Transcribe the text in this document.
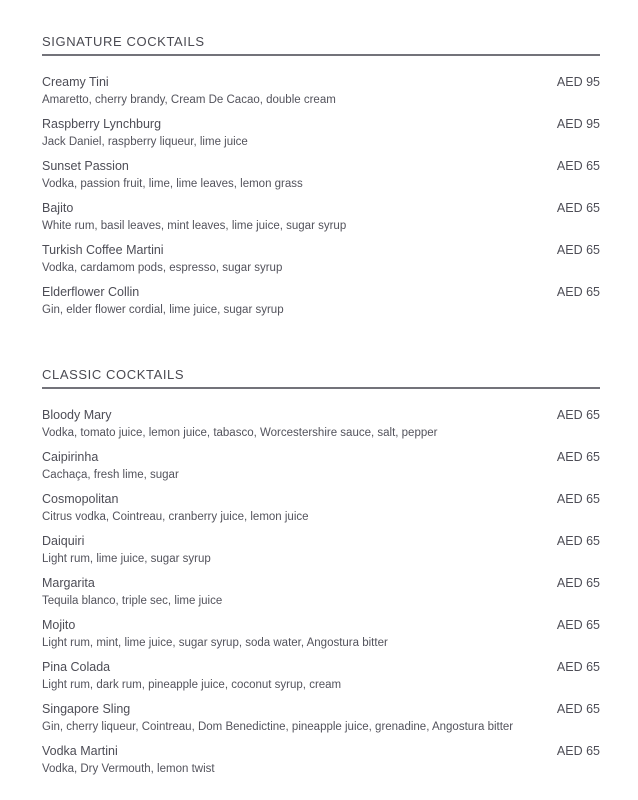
SIGNATURE COCKTAILS
Creamy Tini	AED 95
Amaretto, cherry brandy, Cream De Cacao, double cream
Raspberry Lynchburg	AED 95
Jack Daniel, raspberry liqueur, lime juice
Sunset Passion	AED 65
Vodka, passion fruit, lime, lime leaves, lemon grass
Bajito	AED 65
White rum, basil leaves, mint leaves, lime juice, sugar syrup
Turkish Coffee Martini	AED 65
Vodka, cardamom pods, espresso, sugar syrup
Elderflower Collin	AED 65
Gin, elder flower cordial, lime juice, sugar syrup
CLASSIC COCKTAILS
Bloody Mary	AED 65
Vodka, tomato juice, lemon juice, tabasco, Worcestershire sauce, salt, pepper
Caipirinha	AED 65
Cachaça, fresh lime, sugar
Cosmopolitan	AED 65
Citrus vodka, Cointreau, cranberry juice, lemon juice
Daiquiri	AED 65
Light rum, lime juice, sugar syrup
Margarita	AED 65
Tequila blanco, triple sec, lime juice
Mojito	AED 65
Light rum, mint, lime juice, sugar syrup, soda water, Angostura bitter
Pina Colada	AED 65
Light rum, dark rum, pineapple juice, coconut syrup, cream
Singapore Sling	AED 65
Gin, cherry liqueur, Cointreau, Dom Benedictine, pineapple juice, grenadine, Angostura bitter
Vodka Martini	AED 65
Vodka, Dry Vermouth, lemon twist
